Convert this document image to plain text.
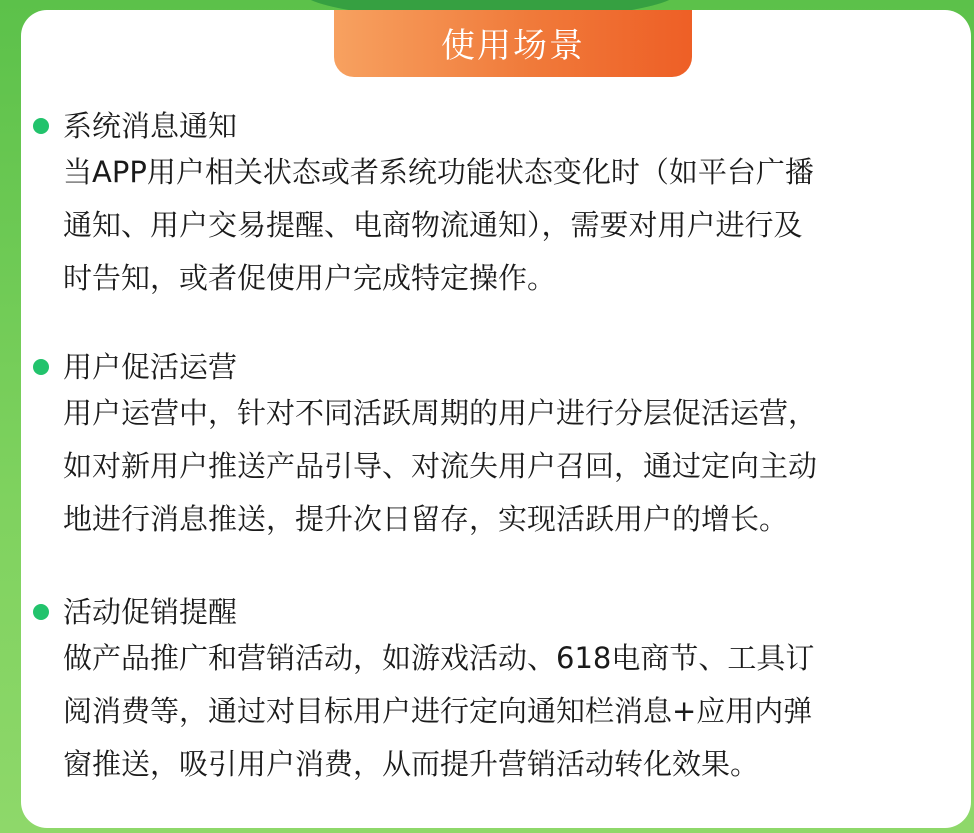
使用场景
系统消息通知
当APP用户相关状态或者系统功能状态变化时（如平台广播
通知、用户交易提醒、电商物流通知），需要对用户进行及
时告知，或者促使用户完成特定操作。
用户促活运营
用户运营中，针对不同活跃周期的用户进行分层促活运营，
如对新用户推送产品引导、对流失用户召回，通过定向主动
地进行消息推送，提升次日留存，实现活跃用户的增长。
活动促销提醒
做产品推广和营销活动，如游戏活动、618电商节、工具订
阅消费等，通过对目标用户进行定向通知栏消息+应用内弹
窗推送，吸引用户消费，从而提升营销活动转化效果。
